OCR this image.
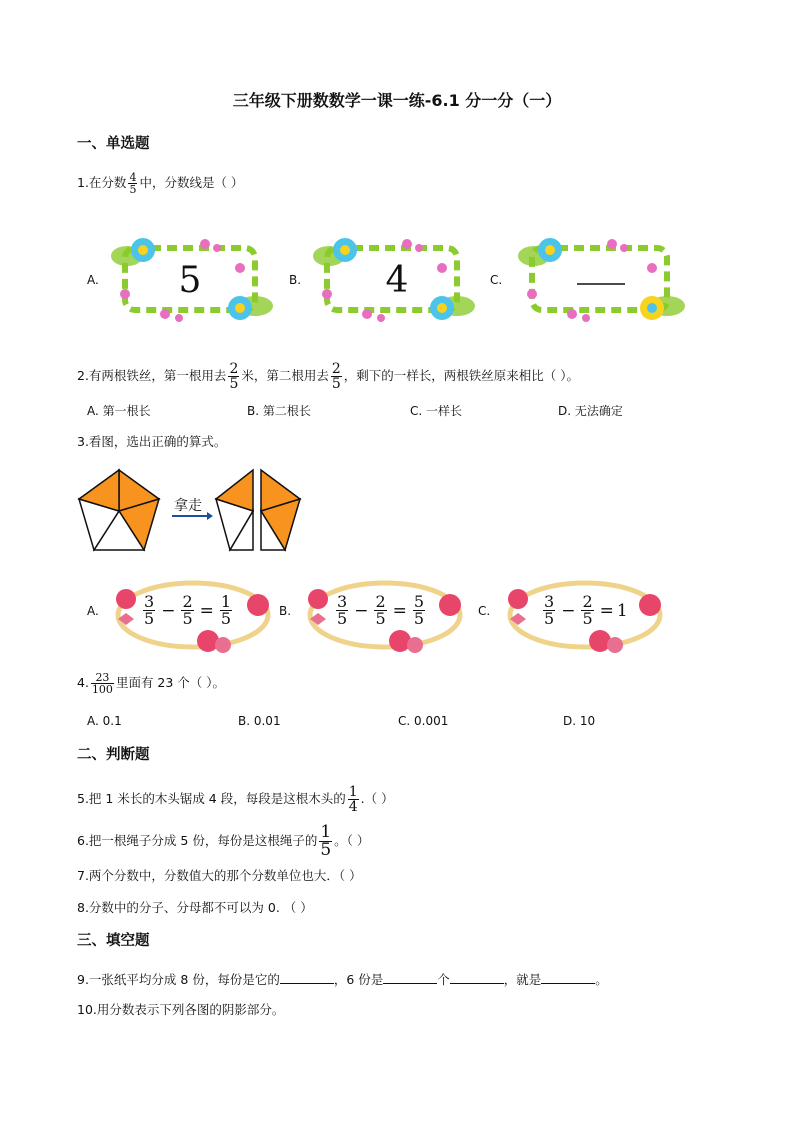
三年级下册数数学一课一练-6.1 分一分（一）
一、单选题
1.在分数 $\frac{4}{5}$ 中，分数线是（ ）
A.	B.	C.
5	4
2.有两根铁丝，第一根用去 $\frac{2}{5}$ 米，第二根用去 $\frac{2}{5}$ ，剩下的一样长，两根铁丝原来相比（ ）。
A. 第一根长	B. 第二根长	C. 一样长	D. 无法确定
3.看图，选出正确的算式。
拿走
A.	B.	C.
$\frac{3}{5} - \frac{2}{5} = \frac{1}{5}$	$\frac{3}{5} - \frac{2}{5} = \frac{5}{5}$	$\frac{3}{5} - \frac{2}{5} = 1$
4. $\frac{23}{100}$ 里面有 23 个（ ）。
A. 0.1	B. 0.01	C. 0.001	D. 10
二、判断题
5.把 1 米长的木头锯成 4 段，每段是这根木头的 $\frac{1}{4}$ .（ ）
6.把一根绳子分成 5 份，每份是这根绳子的 $\frac{1}{5}$ 。（ ）
7.两个分数中，分数值大的那个分数单位也大．（ ）
8.分数中的分子、分母都不可以为 0. （ ）
三、填空题
9.一张纸平均分成 8 份，每份是它的	，6 份是	个	，就是	。
10.用分数表示下列各图的阴影部分。
